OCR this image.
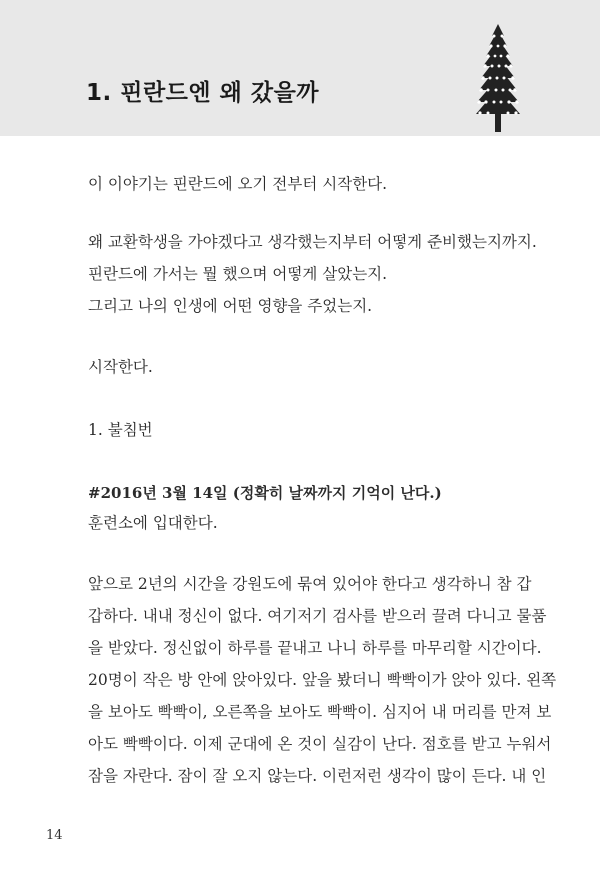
1. 핀란드엔 왜 갔을까

이 이야기는 핀란드에 오기 전부터 시작한다.

왜 교환학생을 가야겠다고 생각했는지부터 어떻게 준비했는지까지.

핀란드에 가서는 뭘 했으며 어떻게 살았는지.

그리고 나의 인생에 어떤 영향을 주었는지.

시작한다.

1. 불침번

#2016년 3월 14일 (정확히 날짜까지 기억이 난다.)

훈련소에 입대한다.

앞으로 2년의 시간을 강원도에 묶여 있어야 한다고 생각하니 참 갑
갑하다. 내내 정신이 없다. 여기저기 검사를 받으러 끌려 다니고 물품
을 받았다. 정신없이 하루를 끝내고 나니 하루를 마무리할 시간이다.
20명이 작은 방 안에 앉아있다. 앞을 봤더니 빡빡이가 앉아 있다. 왼쪽
을 보아도 빡빡이, 오른쪽을 보아도 빡빡이. 심지어 내 머리를 만져 보
아도 빡빡이다. 이제 군대에 온 것이 실감이 난다. 점호를 받고 누워서
잠을 자란다. 잠이 잘 오지 않는다. 이런저런 생각이 많이 든다. 내 인
14
